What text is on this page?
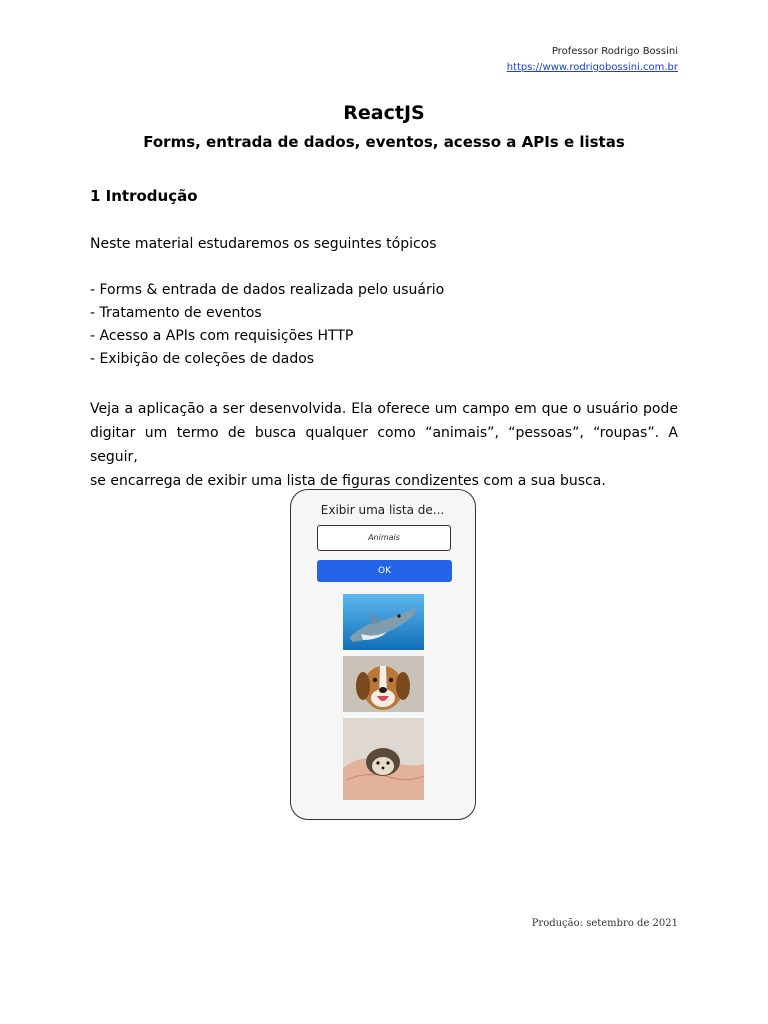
Professor Rodrigo Bossini
https://www.rodrigobossini.com.br
ReactJS
Forms, entrada de dados, eventos, acesso a APIs e listas
1 Introdução
Neste material estudaremos os seguintes tópicos
- Forms & entrada de dados realizada pelo usuário
- Tratamento de eventos
- Acesso a APIs com requisições HTTP
- Exibição de coleções de dados
Veja a aplicação a ser desenvolvida. Ela oferece um campo em que o usuário pode
digitar um termo de busca qualquer como “animais”, “pessoas”, “roupas”. A seguir,
se encarrega de exibir uma lista de figuras condizentes com a sua busca.
Exibir uma lista de...
Animais
OK
Produção: setembro de 2021
